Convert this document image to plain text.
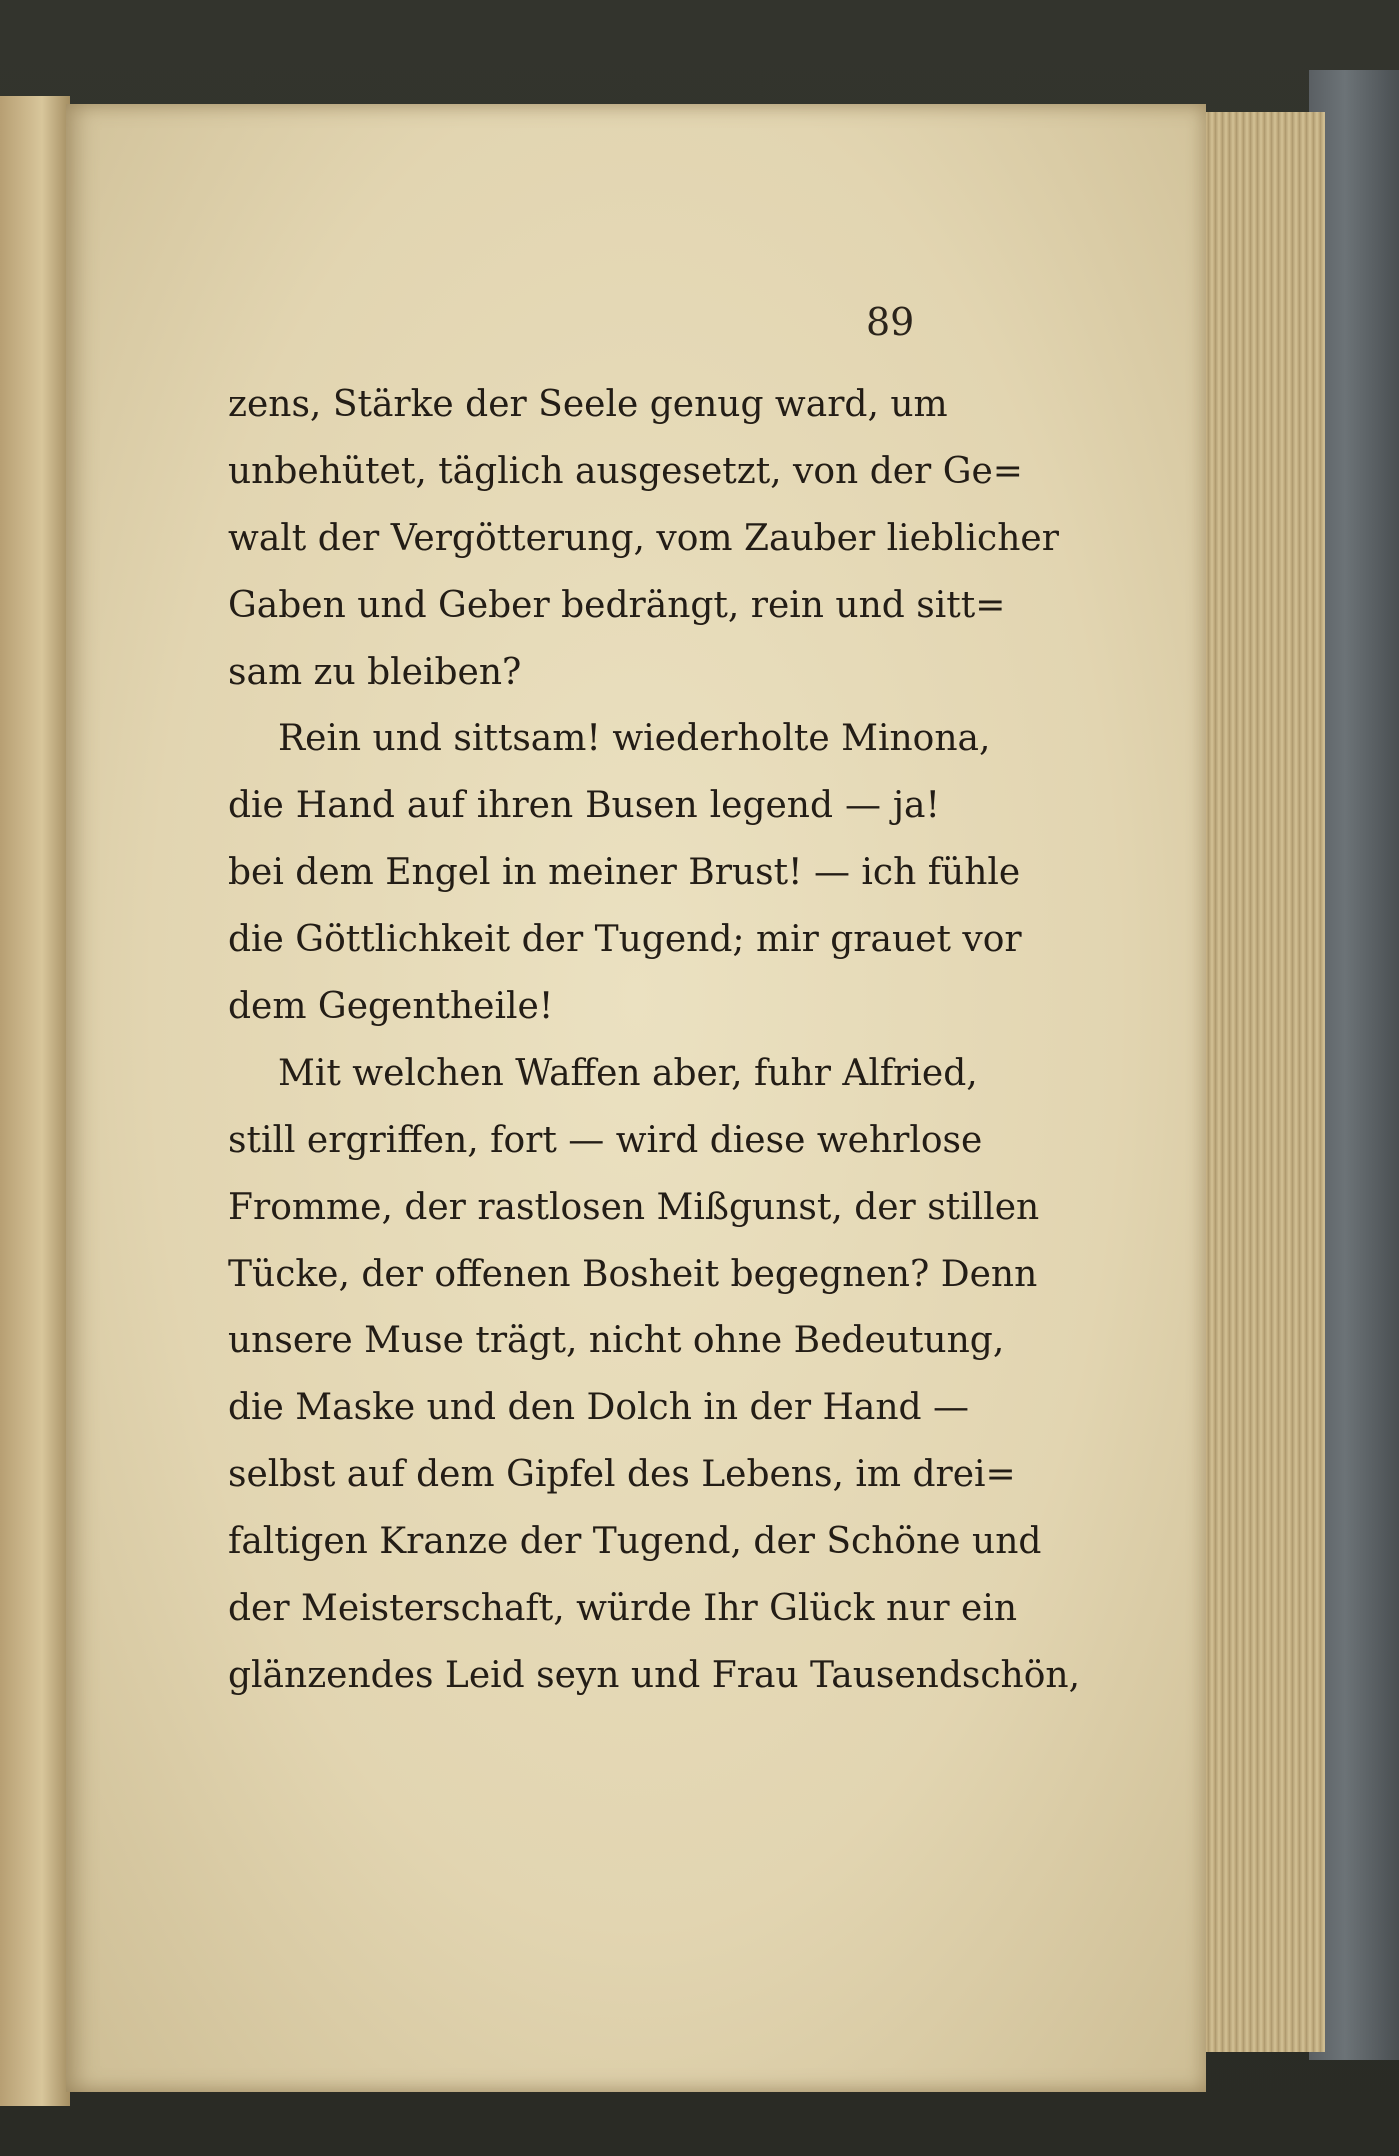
89
zens, Stärke der Seele genug ward, um
unbehütet, täglich ausgesetzt, von der Ge=
walt der Vergötterung, vom Zauber lieblicher
Gaben und Geber bedrängt, rein und sitt=
sam zu bleiben?
Rein und sittsam! wiederholte Minona,
die Hand auf ihren Busen legend — ja!
bei dem Engel in meiner Brust! — ich fühle
die Göttlichkeit der Tugend; mir grauet vor
dem Gegentheile!
Mit welchen Waffen aber, fuhr Alfried,
still ergriffen, fort — wird diese wehrlose
Fromme, der rastlosen Mißgunst, der stillen
Tücke, der offenen Bosheit begegnen? Denn
unsere Muse trägt, nicht ohne Bedeutung,
die Maske und den Dolch in der Hand —
selbst auf dem Gipfel des Lebens, im drei=
faltigen Kranze der Tugend, der Schöne und
der Meisterschaft, würde Ihr Glück nur ein
glänzendes Leid seyn und Frau Tausendschön,
